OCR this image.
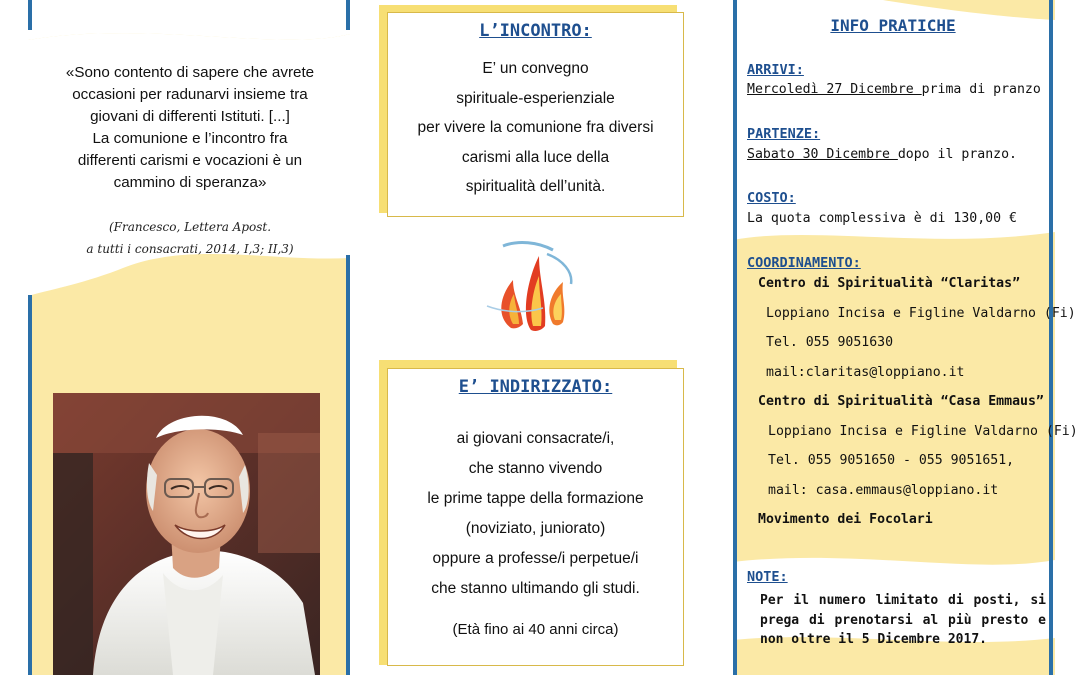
«Sono contento di sapere che avrete
occasioni per radunarvi insieme tra
giovani di differenti Istituti. [...]
La comunione e l’incontro fra
differenti carismi e vocazioni è un
cammino di speranza»
(Francesco, Lettera Apost.
a tutti i consacrati, 2014, I,3; II,3)
L’INCONTRO:
E’ un convegno
spirituale-esperienziale
per vivere la comunione fra diversi
carismi alla luce della
spiritualità dell’unità.
E’ INDIRIZZATO:
ai giovani consacrate/i,
che stanno vivendo
le prime tappe della formazione
(noviziato, juniorato)
oppure a professe/i perpetue/i
che stanno ultimando gli studi.
(Età fino ai 40 anni circa)
INFO PRATICHE
ARRIVI:
Mercoledì 27 Dicembre prima di pranzo
PARTENZE:
Sabato 30 Dicembre dopo il pranzo.
COSTO:
La quota complessiva è di 130,00 €
COORDINAMENTO:
Centro di Spiritualità “Claritas”
Loppiano Incisa e Figline Valdarno (Fi)
Tel. 055 9051630
mail:claritas@loppiano.it
Centro di Spiritualità “Casa Emmaus”
Loppiano Incisa e Figline Valdarno (Fi)
Tel. 055 9051650 - 055 9051651,
mail: casa.emmaus@loppiano.it
Movimento dei Focolari
NOTE:
Per il numero limitato di posti, si prega di prenotarsi al più presto e non oltre il 5 Dicembre 2017.
